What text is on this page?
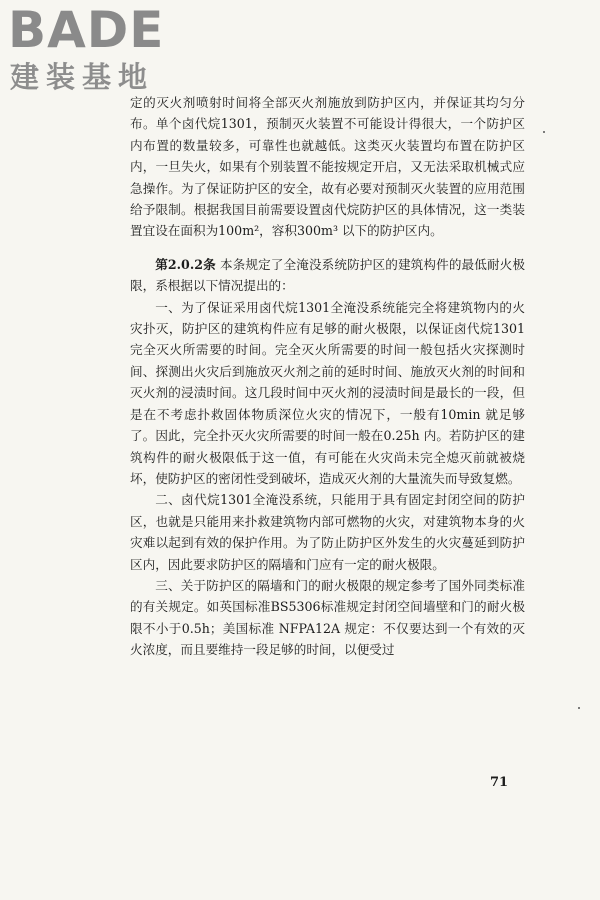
BADE
建装基地

定的灭火剂喷射时间将全部灭火剂施放到防护区内，并保证其均匀分布。单个卤代烷1301，预制灭火装置不可能设计得很大，一个防护区内布置的数量较多，可靠性也就越低。这类灭火装置均布置在防护区内，一旦失火，如果有个别装置不能按规定开启，又无法采取机械式应急操作。为了保证防护区的安全，故有必要对预制灭火装置的应用范围给予限制。根据我国目前需要设置卤代烷防护区的具体情况，这一类装置宜设在面积为100m²，容积300m³ 以下的防护区内。

第2.0.2条 本条规定了全淹没系统防护区的建筑构件的最低耐火极限，系根据以下情况提出的：

一、为了保证采用卤代烷1301全淹没系统能完全将建筑物内的火灾扑灭，防护区的建筑构件应有足够的耐火极限，以保证卤代烷1301完全灭火所需要的时间。完全灭火所需要的时间一般包括火灾探测时间、探测出火灾后到施放灭火剂之前的延时时间、施放灭火剂的时间和灭火剂的浸渍时间。这几段时间中灭火剂的浸渍时间是最长的一段，但是在不考虑扑救固体物质深位火灾的情况下，一般有10min 就足够了。因此，完全扑灭火灾所需要的时间一般在0.25h 内。若防护区的建筑构件的耐火极限低于这一值，有可能在火灾尚未完全熄灭前就被烧坏，使防护区的密闭性受到破坏，造成灭火剂的大量流失而导致复燃。

二、卤代烷1301全淹没系统，只能用于具有固定封闭空间的防护区，也就是只能用来扑救建筑物内部可燃物的火灾，对建筑物本身的火灾难以起到有效的保护作用。为了防止防护区外发生的火灾蔓延到防护区内，因此要求防护区的隔墙和门应有一定的耐火极限。

三、关于防护区的隔墙和门的耐火极限的规定参考了国外同类标准的有关规定。如英国标准BS5306标准规定封闭空间墙壁和门的耐火极限不小于0.5h；美国标准 NFPA12A 规定：不仅要达到一个有效的灭火浓度，而且要维持一段足够的时间，以便受过

71
